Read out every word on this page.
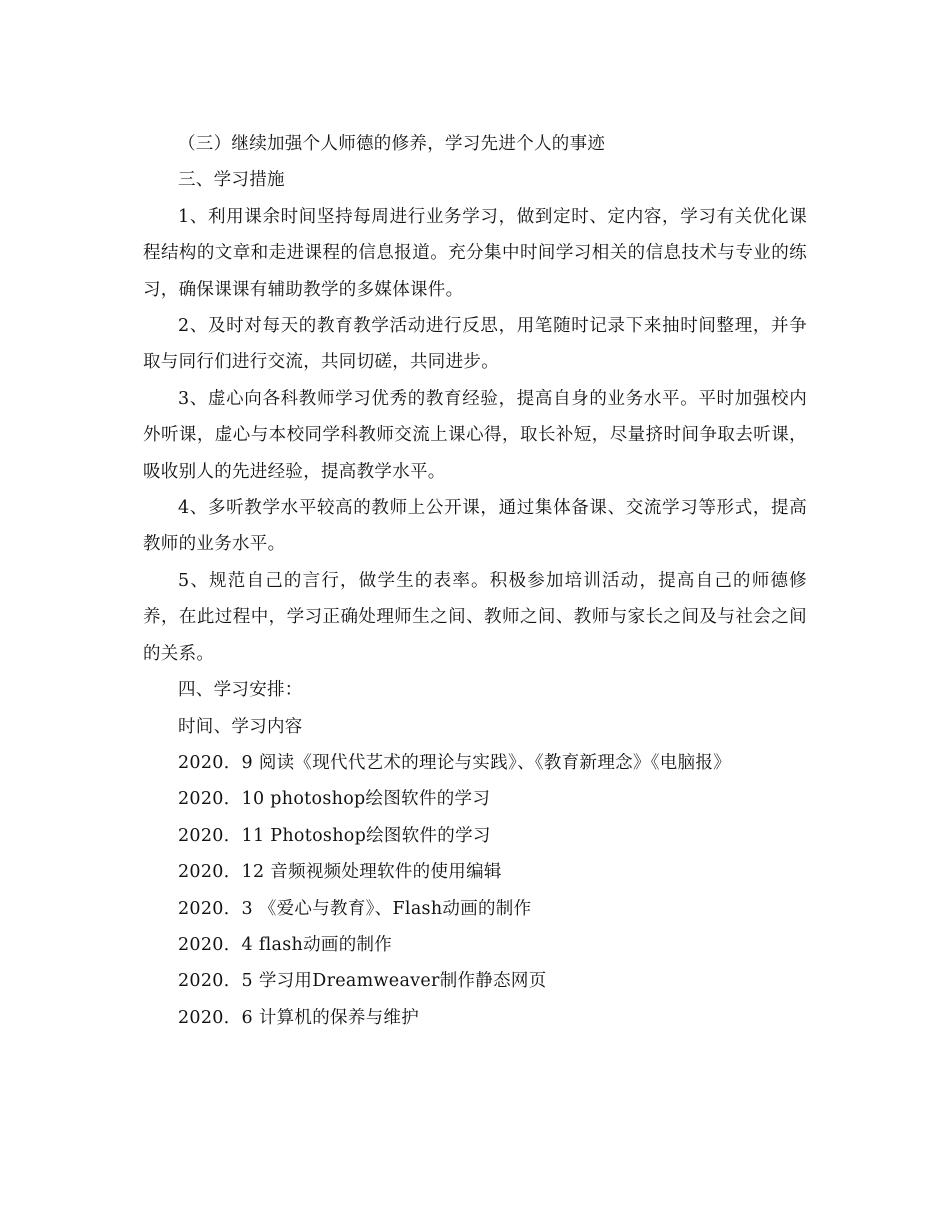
（三）继续加强个人师德的修养，学习先进个人的事迹

三、学习措施

1、利用课余时间坚持每周进行业务学习，做到定时、定内容，学习有关优化课程结构的文章和走进课程的信息报道。充分集中时间学习相关的信息技术与专业的练习，确保课课有辅助教学的多媒体课件。

2、及时对每天的教育教学活动进行反思，用笔随时记录下来抽时间整理，并争取与同行们进行交流，共同切磋，共同进步。

3、虚心向各科教师学习优秀的教育经验，提高自身的业务水平。平时加强校内外听课，虚心与本校同学科教师交流上课心得，取长补短，尽量挤时间争取去听课，吸收别人的先进经验，提高教学水平。

4、多听教学水平较高的教师上公开课，通过集体备课、交流学习等形式，提高教师的业务水平。

5、规范自己的言行，做学生的表率。积极参加培训活动，提高自己的师德修养，在此过程中，学习正确处理师生之间、教师之间、教师与家长之间及与社会之间的关系。

四、学习安排：

时间、学习内容

2020．9 阅读《现代代艺术的理论与实践》、《教育新理念》《电脑报》

2020．10 photoshop绘图软件的学习

2020．11 Photoshop绘图软件的学习

2020．12 音频视频处理软件的使用编辑

2020．3 《爱心与教育》、Flash动画的制作

2020．4 flash动画的制作

2020．5 学习用Dreamweaver制作静态网页

2020．6 计算机的保养与维护
